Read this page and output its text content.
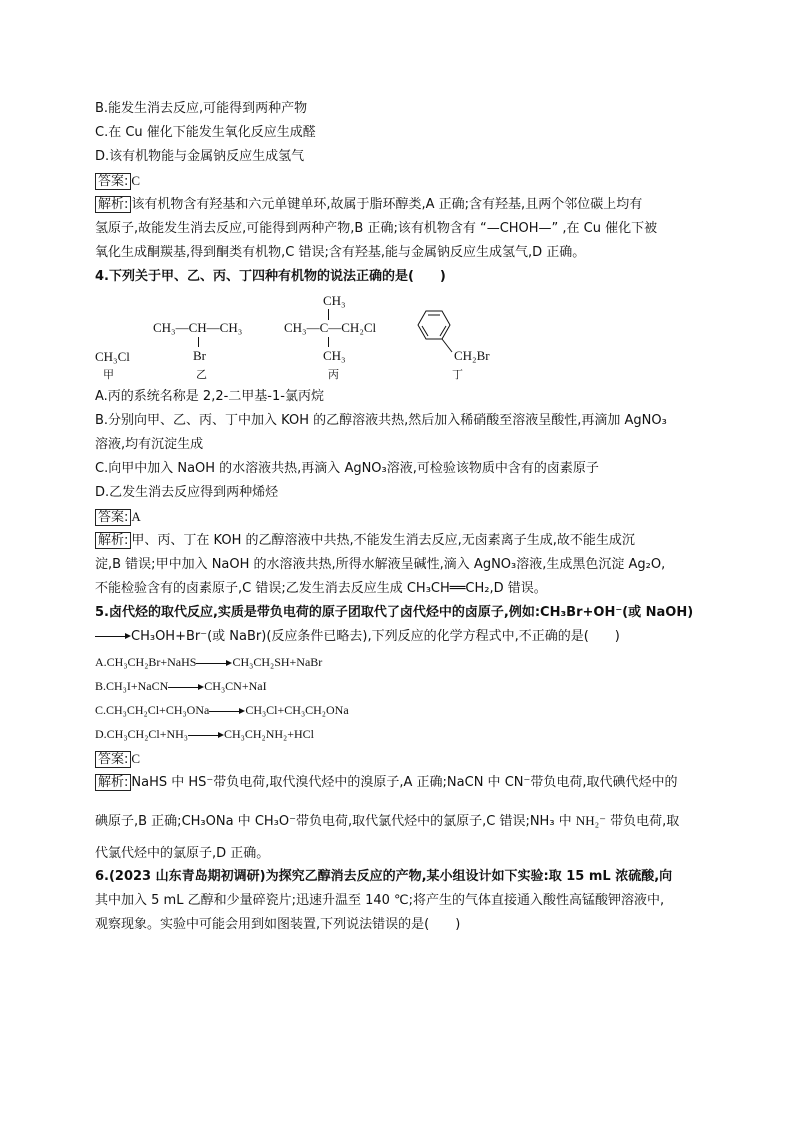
B.能发生消去反应,可能得到两种产物
C.在 Cu 催化下能发生氧化反应生成醛
D.该有机物能与金属钠反应生成氢气
答案: C
解析: 该有机物含有羟基和六元单键单环,故属于脂环醇类,A 正确;含有羟基,且两个邻位碳上均有
氢原子,故能发生消去反应,可能得到两种产物,B 正确;该有机物含有 “—CHOH—” ,在 Cu 催化下被
氧化生成酮羰基,得到酮类有机物,C 错误;含有羟基,能与金属钠反应生成氢气,D 正确。
4.下列关于甲、乙、丙、丁四种有机物的说法正确的是(　　)
CH₃Cl
甲
CH₃—CH—CH₃
Br
乙
CH₃
CH₃—C—CH₂Cl
CH₃
丙
CH₂Br
丁
A.丙的系统名称是 2,2-二甲基-1-氯丙烷
B.分别向甲、乙、丙、丁中加入 KOH 的乙醇溶液共热,然后加入稀硝酸至溶液呈酸性,再滴加 AgNO₃
溶液,均有沉淀生成
C.向甲中加入 NaOH 的水溶液共热,再滴入 AgNO₃溶液,可检验该物质中含有的卤素原子
D.乙发生消去反应得到两种烯烃
答案: A
解析: 甲、丙、丁在 KOH 的乙醇溶液中共热,不能发生消去反应,无卤素离子生成,故不能生成沉
淀,B 错误;甲中加入 NaOH 的水溶液共热,所得水解液呈碱性,滴入 AgNO₃溶液,生成黑色沉淀 Ag₂O,
不能检验含有的卤素原子,C 错误;乙发生消去反应生成 CH₃CH══CH₂,D 错误。
5.卤代烃的取代反应,实质是带负电荷的原子团取代了卤代烃中的卤原子,例如:CH₃Br+OH⁻(或 NaOH)
CH₃OH+Br⁻(或 NaBr)(反应条件已略去),下列反应的化学方程式中,不正确的是(　　)
A.CH₃CH₂Br+NaHS	CH₃CH₂SH+NaBr
B.CH₃I+NaCN	CH₃CN+NaI
C.CH₃CH₂Cl+CH₃ONa	CH₃Cl+CH₃CH₂ONa
D.CH₃CH₂Cl+NH₃	CH₃CH₂NH₂+HCl
答案: C
解析: NaHS 中 HS⁻带负电荷,取代溴代烃中的溴原子,A 正确;NaCN 中 CN⁻带负电荷,取代碘代烃中的
碘原子,B 正确;CH₃ONa 中 CH₃O⁻带负电荷,取代氯代烃中的氯原子,C 错误;NH₃ 中 NH₂⁻ 带负电荷,取
代氯代烃中的氯原子,D 正确。
6.(2023 山东青岛期初调研)为探究乙醇消去反应的产物,某小组设计如下实验:取 15 mL 浓硫酸,向
其中加入 5 mL 乙醇和少量碎瓷片;迅速升温至 140 ℃;将产生的气体直接通入酸性高锰酸钾溶液中,
观察现象。实验中可能会用到如图装置,下列说法错误的是(　　)
